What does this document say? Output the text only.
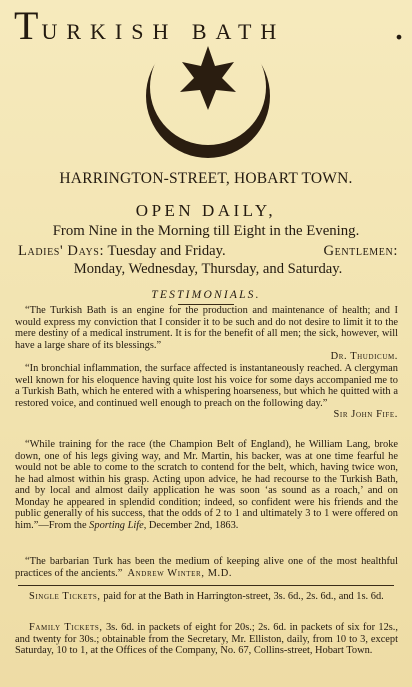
T URKISH BATH	.
HARRINGTON-STREET, HOBART TOWN.
OPEN DAILY,
From Nine in the Morning till Eight in the Evening.
Ladies' Days: Tuesday and Friday.	Gentlemen:
Monday, Wednesday, Thursday, and Saturday.
TESTIMONIALS.

“The Turkish Bath is an engine for the production and maintenance of health; and I would express my conviction that I consider it to be such and do not desire to limit it to the mere destiny of a medical instrument. It is for the benefit of all men; the sick, however, will have a large share of its blessings.”

Dr. Thudicum.

“In bronchial inflammation, the surface affected is instantaneously reached. A clergyman well known for his eloquence having quite lost his voice for some days accompanied me to a Turkish Bath, which he entered with a whispering hoarseness, but which he quitted with a restored voice, and continued well enough to preach on the following day.”

Sir John Fife.

“While training for the race (the Champion Belt of England), he William Lang, broke down, one of his legs giving way, and Mr. Martin, his backer, was at one time fearful he would not be able to come to the scratch to contend for the belt, which, having twice won, he had almost within his grasp. Acting upon advice, he had recourse to the Turkish Bath, and by local and almost daily application he was soon ‘as sound as a roach,’ and on Monday he appeared in splendid condition; indeed, so confident were his friends and the public generally of his success, that the odds of 2 to 1 and ultimately 3 to 1 were offered on him.”—From the Sporting Life, December 2nd, 1863.

“The barbarian Turk has been the medium of keeping alive one of the most healthful practices of the ancients.” Andrew Winter, M.D.

Single Tickets, paid for at the Bath in Harrington-street, 3s. 6d., 2s. 6d., and 1s. 6d.

Family Tickets, 3s. 6d. in packets of eight for 20s.; 2s. 6d. in packets of six for 12s., and twenty for 30s.; obtainable from the Secretary, Mr. Elliston, daily, from 10 to 3, except Saturday, 10 to 1, at the Offices of the Company, No. 67, Collins-street, Hobart Town.
